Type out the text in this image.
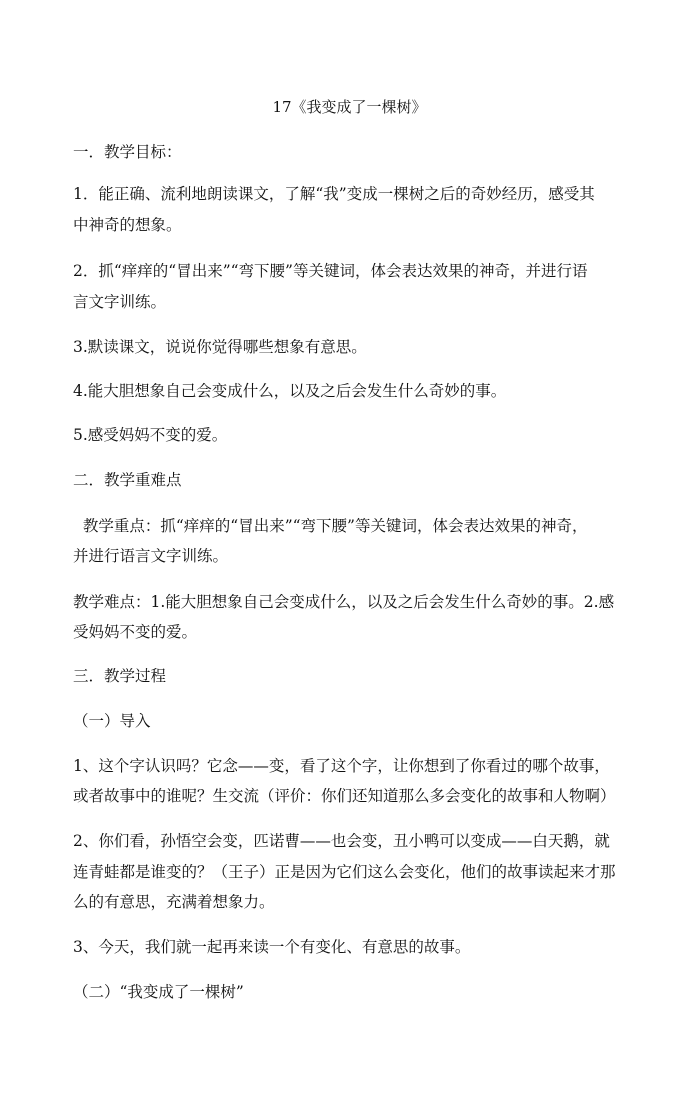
17《我变成了一棵树》
一．教学目标：
1．能正确、流利地朗读课文，了解“我”变成一棵树之后的奇妙经历，感受其
中神奇的想象。
2．抓“痒痒的“冒出来”“弯下腰”等关键词，体会表达效果的神奇，并进行语
言文字训练。
3.默读课文，说说你觉得哪些想象有意思。
4.能大胆想象自己会变成什么，以及之后会发生什么奇妙的事。
5.感受妈妈不变的爱。
二．教学重难点
教学重点：抓“痒痒的“冒出来”“弯下腰”等关键词，体会表达效果的神奇，
并进行语言文字训练。
教学难点：1.能大胆想象自己会变成什么，以及之后会发生什么奇妙的事。2.感
受妈妈不变的爱。
三．教学过程
（一）导入
1、这个字认识吗？它念——变，看了这个字，让你想到了你看过的哪个故事，
或者故事中的谁呢？生交流（评价：你们还知道那么多会变化的故事和人物啊）
2、你们看，孙悟空会变，匹诺曹——也会变，丑小鸭可以变成——白天鹅，就
连青蛙都是谁变的？（王子）正是因为它们这么会变化，他们的故事读起来才那
么的有意思，充满着想象力。
3、今天，我们就一起再来读一个有变化、有意思的故事。
（二）“我变成了一棵树”
